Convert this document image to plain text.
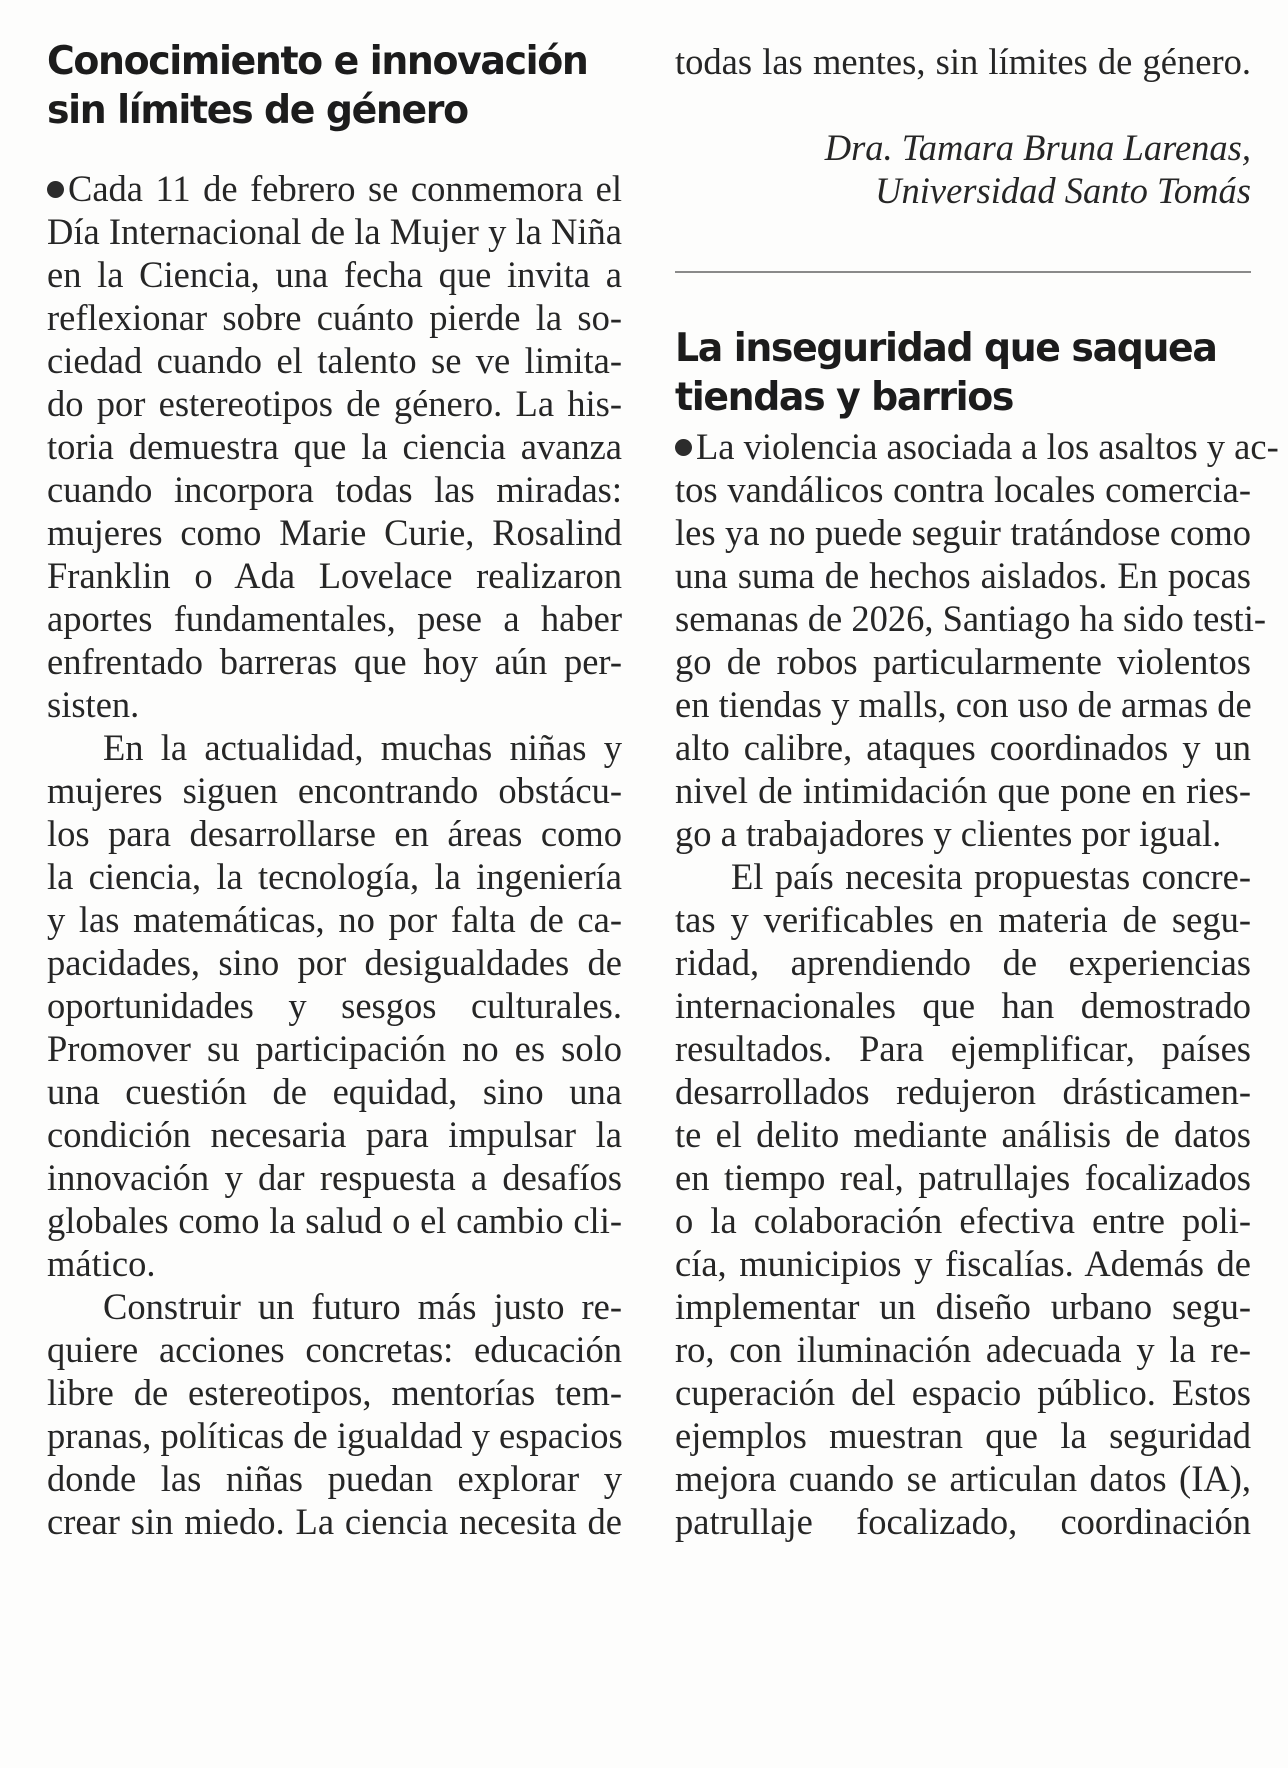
Conocimiento e innovación
sin límites de género
Cada 11 de febrero se conmemora el
Día Internacional de la Mujer y la Niña
en la Ciencia, una fecha que invita a
reflexionar sobre cuánto pierde la so-
ciedad cuando el talento se ve limita-
do por estereotipos de género. La his-
toria demuestra que la ciencia avanza
cuando incorpora todas las miradas:
mujeres como Marie Curie, Rosalind
Franklin o Ada Lovelace realizaron
aportes fundamentales, pese a haber
enfrentado barreras que hoy aún per-
sisten.
En la actualidad, muchas niñas y
mujeres siguen encontrando obstácu-
los para desarrollarse en áreas como
la ciencia, la tecnología, la ingeniería
y las matemáticas, no por falta de ca-
pacidades, sino por desigualdades de
oportunidades y sesgos culturales.
Promover su participación no es solo
una cuestión de equidad, sino una
condición necesaria para impulsar la
innovación y dar respuesta a desafíos
globales como la salud o el cambio cli-
mático.
Construir un futuro más justo re-
quiere acciones concretas: educación
libre de estereotipos, mentorías tem-
pranas, políticas de igualdad y espacios
donde las niñas puedan explorar y
crear sin miedo. La ciencia necesita de
todas las mentes, sin límites de género.
Dra. Tamara Bruna Larenas,
Universidad Santo Tomás
La inseguridad que saquea
tiendas y barrios
La violencia asociada a los asaltos y ac-
tos vandálicos contra locales comercia-
les ya no puede seguir tratándose como
una suma de hechos aislados. En pocas
semanas de 2026, Santiago ha sido testi-
go de robos particularmente violentos
en tiendas y malls, con uso de armas de
alto calibre, ataques coordinados y un
nivel de intimidación que pone en ries-
go a trabajadores y clientes por igual.
El país necesita propuestas concre-
tas y verificables en materia de segu-
ridad, aprendiendo de experiencias
internacionales que han demostrado
resultados. Para ejemplificar, países
desarrollados redujeron drásticamen-
te el delito mediante análisis de datos
en tiempo real, patrullajes focalizados
o la colaboración efectiva entre poli-
cía, municipios y fiscalías. Además de
implementar un diseño urbano segu-
ro, con iluminación adecuada y la re-
cuperación del espacio público. Estos
ejemplos muestran que la seguridad
mejora cuando se articulan datos (IA),
patrullaje focalizado, coordinación
